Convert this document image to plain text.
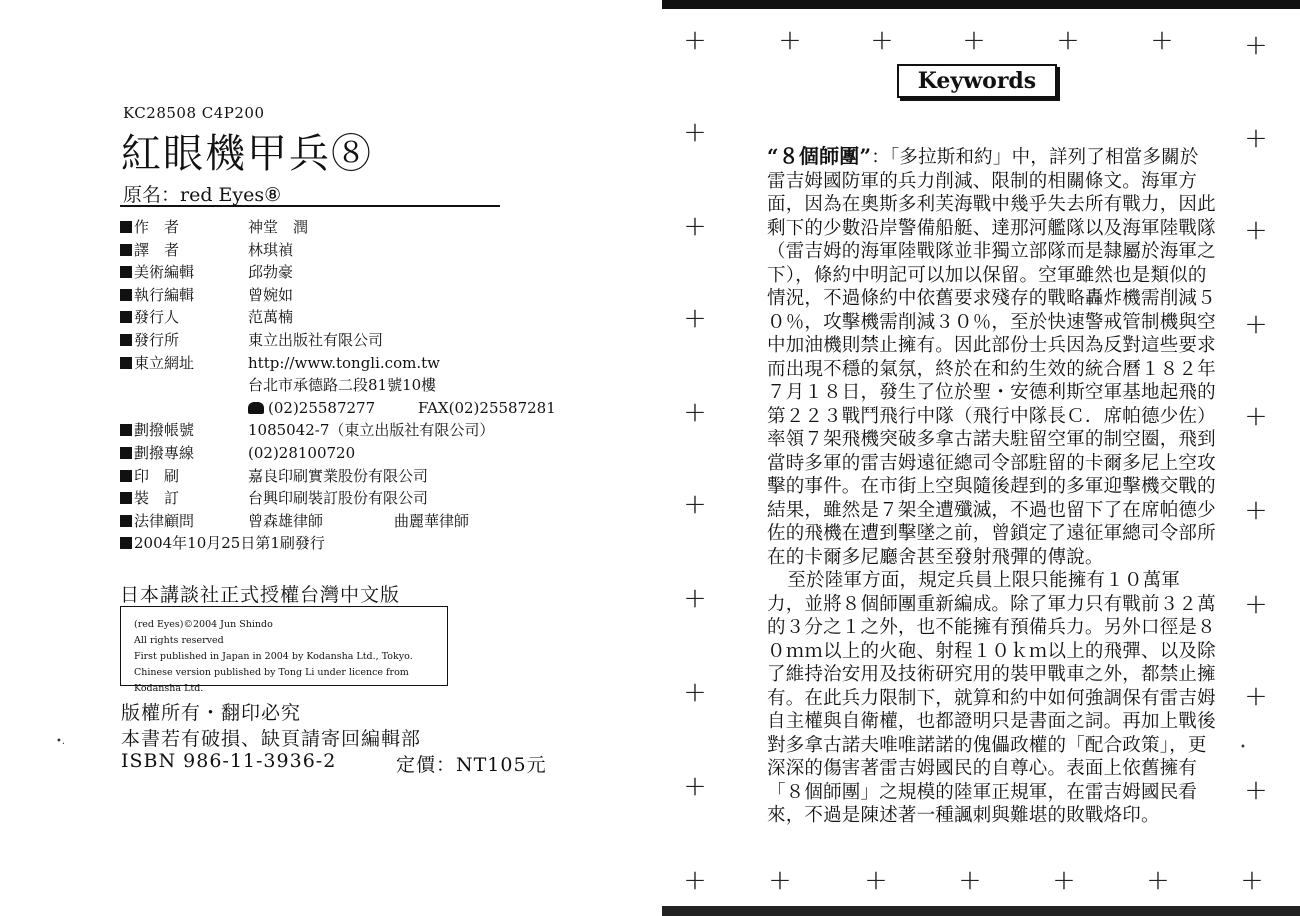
KC28508 C4P200
紅眼機甲兵⑧
原名：red Eyes⑧
作　者	神堂　潤
譯　者	林琪禎
美術編輯	邱勃豪
執行編輯	曾婉如
發行人	范萬楠
發行所	東立出版社有限公司
東立網址	http://www.tongli.com.tw
台北市承德路二段81號10樓
(02)25587277	FAX(02)25587281
劃撥帳號	1085042-7（東立出版社有限公司）
劃撥專線	(02)28100720
印　刷	嘉良印刷實業股份有限公司
裝　訂	台興印刷裝訂股份有限公司
法律顧問	曾森雄律師	曲麗華律師
2004年10月25日第1刷發行
日本講談社正式授權台灣中文版
(red Eyes)©2004 Jun Shindo
All rights reserved
First published in Japan in 2004 by Kodansha Ltd., Tokyo.
Chinese version published by Tong Li under licence from Kodansha Ltd.
版權所有・翻印必究
本書若有破損、缺頁請寄回編輯部
ISBN 986-11-3936-2	定價：NT105元
•.
+	+ + +	+	+	+
+	+
+	+
+	+
+	+
+	+
+	+
+	+
+	+
+ +	+	+	+	+	+
Keywords

“８個師團”：「多拉斯和約」中，詳列了相當多關於雷吉姆國防軍的兵力削減、限制的相關條文。海軍方面，因為在奧斯多利芙海戰中幾乎失去所有戰力，因此剩下的少數沿岸警備船艇、達那河艦隊以及海軍陸戰隊（雷吉姆的海軍陸戰隊並非獨立部隊而是隸屬於海軍之下），條約中明記可以加以保留。空軍雖然也是類似的情況，不過條約中依舊要求殘存的戰略轟炸機需削減５０％，攻擊機需削減３０％，至於快速警戒管制機與空中加油機則禁止擁有。因此部份士兵因為反對這些要求而出現不穩的氣氛，終於在和約生效的統合曆１８２年７月１８日，發生了位於聖・安德利斯空軍基地起飛的第２２３戰鬥飛行中隊（飛行中隊長Ｃ．席帕德少佐）率領７架飛機突破多拿古諾夫駐留空軍的制空圈，飛到當時多軍的雷吉姆遠征總司令部駐留的卡爾多尼上空攻擊的事件。在市街上空與隨後趕到的多軍迎擊機交戰的結果，雖然是７架全遭殲滅，不過也留下了在席帕德少佐的飛機在遭到擊墜之前，曾鎖定了遠征軍總司令部所在的卡爾多尼廳舍甚至發射飛彈的傳說。

至於陸軍方面，規定兵員上限只能擁有１０萬軍力，並將８個師團重新編成。除了軍力只有戰前３２萬的３分之１之外，也不能擁有預備兵力。另外口徑是８０ｍｍ以上的火砲、射程１０ｋｍ以上的飛彈、以及除了維持治安用及技術研究用的裝甲戰車之外，都禁止擁有。在此兵力限制下，就算和約中如何強調保有雷吉姆自主權與自衛權，也都證明只是書面之詞。再加上戰後對多拿古諾夫唯唯諾諾的傀儡政權的「配合政策」，更深深的傷害著雷吉姆國民的自尊心。表面上依舊擁有「８個師團」之規模的陸軍正規軍，在雷吉姆國民看來，不過是陳述著一種諷刺與難堪的敗戰烙印。

•
